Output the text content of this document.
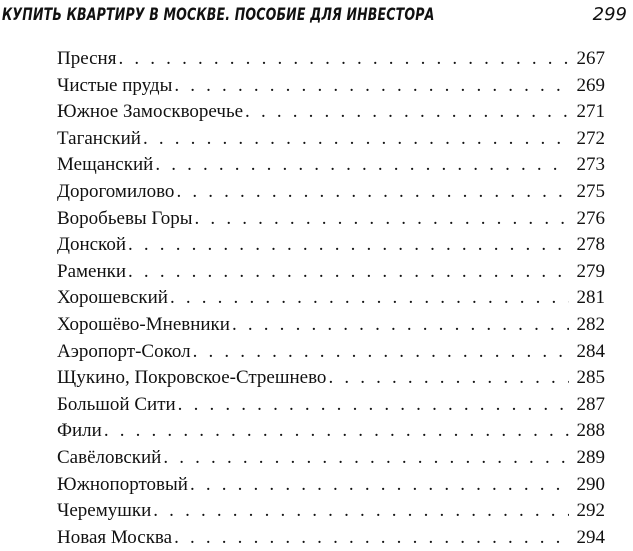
КУПИТЬ КВАРТИРУ В МОСКВЕ. ПОСОБИЕ ДЛЯ ИНВЕСТОРА	299
Пресня . . .	267
Чистые пруды . . .	269
Южное Замоскворечье . . .	271
Таганский . . .	272
Мещанский . . .	273
Дорогомилово . . .	275
Воробьевы Горы . . .	276
Донской . . .	278
Раменки . . .	279
Хорошевский . . .	281
Хорошёво-Мневники . . .	282
Аэропорт-Сокол . . .	284
Щукино, Покровское-Стрешнево . . .	285
Большой Сити . . .	287
Фили . . .	288
Савёловский . . .	289
Южнопортовый . . .	290
Черемушки . . .	292
Новая Москва . . .	294
